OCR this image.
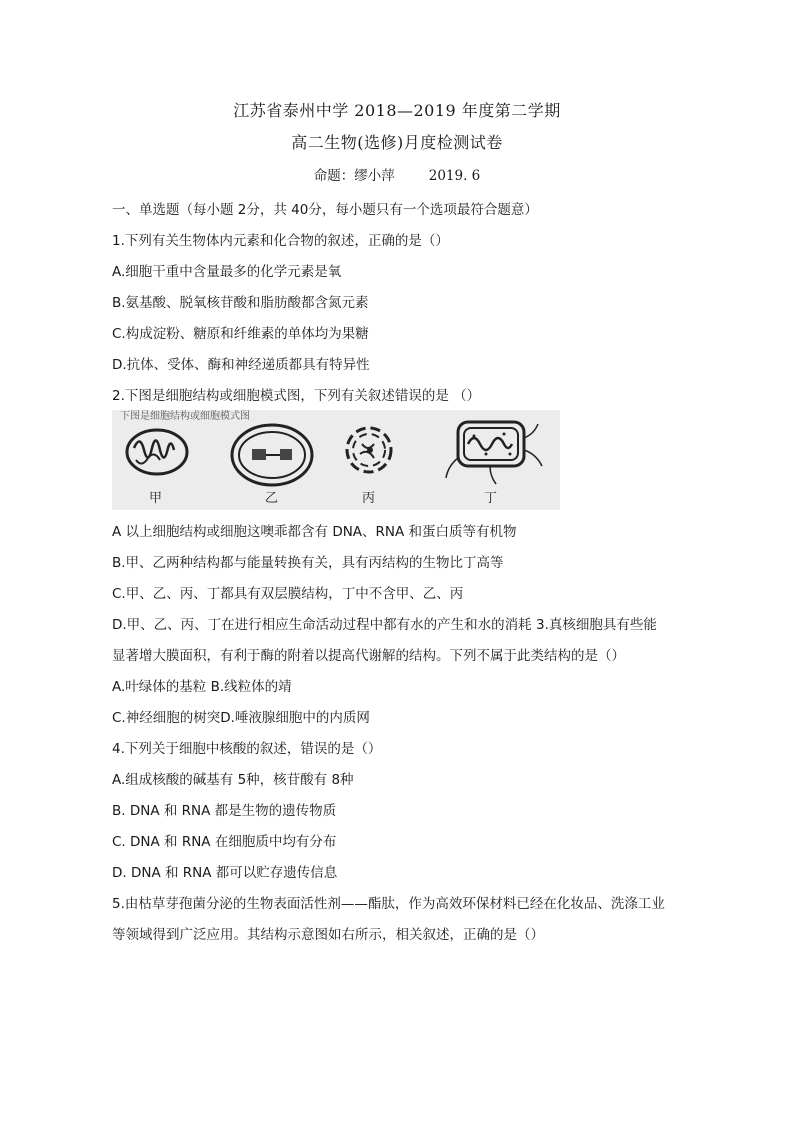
江苏省泰州中学 2018—2019 年度第二学期
高二生物(选修)月度检测试卷
命题：缪小萍	2019. 6
一、单选题（每小题 2分，共 40分，每小题只有一个选项最符合题意）
1.下列有关生物体内元素和化合物的叙述，正确的是（）
A.细胞干重中含量最多的化学元素是氧
B.氨基酸、脱氧核苷酸和脂肪酸都含氮元素
C.构成淀粉、糖原和纤维素的单体均为果糖
D.抗体、受体、酶和神经递质都具有特异性
2.下图是细胞结构或细胞模式图，下列有关叙述错误的是 （）
下图是细胞结构或细胞模式图
甲	乙	丙	丁
A 以上细胞结构或细胞这噢乖都含有 DNA、RNA 和蛋白质等有机物
B.甲、乙两种结构都与能量转换有关，具有丙结构的生物比丁高等
C.甲、乙、丙、丁都具有双层膜结构，丁中不含甲、乙、丙
D.甲、乙、丙、丁在进行相应生命活动过程中都有水的产生和水的消耗 3.真核细胞具有些能
显著增大膜面积，有利于酶的附着以提高代谢解的结构。下列不属于此类结构的是（）
A.叶绿体的基粒 B.线粒体的靖
C.神经细胞的树突D.唾液腺细胞中的内质网
4.下列关于细胞中核酸的叙述，错误的是（）
A.组成核酸的碱基有 5种，核苷酸有 8种
B. DNA 和 RNA 都是生物的遗传物质
C. DNA 和 RNA 在细胞质中均有分布
D. DNA 和 RNA 都可以贮存遗传信息
5.由枯草芽孢菌分泌的生物表面活性剂——酯肽，作为高效环保材料已经在化妆品、洗涤工业
等领域得到广泛应用。其结构示意图如右所示，相关叙述，正确的是（）
